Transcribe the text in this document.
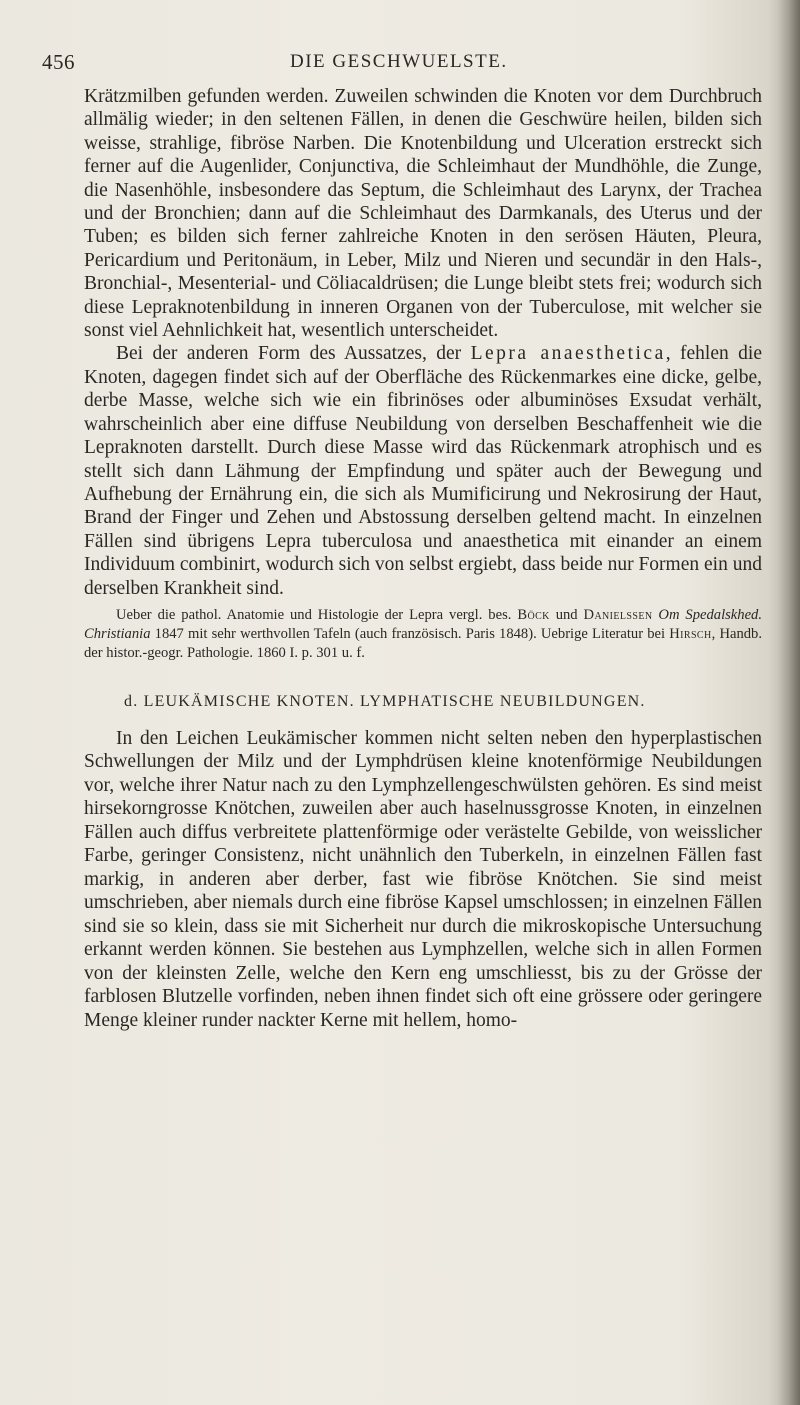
456	DIE GESCHWUELSTE.

Krätzmilben gefunden werden. Zuweilen schwinden die Knoten vor dem Durchbruch allmälig wieder; in den seltenen Fällen, in denen die Geschwüre heilen, bilden sich weisse, strahlige, fibröse Narben. Die Knotenbildung und Ulceration erstreckt sich ferner auf die Augenlider, Conjunctiva, die Schleimhaut der Mundhöhle, die Zunge, die Nasenhöhle, insbesondere das Septum, die Schleimhaut des Larynx, der Trachea und der Bronchien; dann auf die Schleimhaut des Darmkanals, des Uterus und der Tuben; es bilden sich ferner zahlreiche Knoten in den serösen Häuten, Pleura, Pericardium und Peritonäum, in Leber, Milz und Nieren und secundär in den Hals-, Bronchial-, Mesenterial- und Cöliacaldrüsen; die Lunge bleibt stets frei; wodurch sich diese Lepraknotenbildung in inneren Organen von der Tuberculose, mit welcher sie sonst viel Aehnlichkeit hat, wesentlich unterscheidet.

Bei der anderen Form des Aussatzes, der Lepra anaesthetica, fehlen die Knoten, dagegen findet sich auf der Oberfläche des Rückenmarkes eine dicke, gelbe, derbe Masse, welche sich wie ein fibrinöses oder albuminöses Exsudat verhält, wahrscheinlich aber eine diffuse Neubildung von derselben Beschaffenheit wie die Lepraknoten darstellt. Durch diese Masse wird das Rückenmark atrophisch und es stellt sich dann Lähmung der Empfindung und später auch der Bewegung und Aufhebung der Ernährung ein, die sich als Mumificirung und Nekrosirung der Haut, Brand der Finger und Zehen und Abstossung derselben geltend macht. In einzelnen Fällen sind übrigens Lepra tuberculosa und anaesthetica mit einander an einem Individuum combinirt, wodurch sich von selbst ergiebt, dass beide nur Formen ein und derselben Krankheit sind.

Ueber die pathol. Anatomie und Histologie der Lepra vergl. bes. Böck und Danielssen Om Spedalskhed. Christiania 1847 mit sehr werthvollen Tafeln (auch französisch. Paris 1848). Uebrige Literatur bei Hirsch, Handb. der histor.-geogr. Pathologie. 1860 I. p. 301 u. f.

d. LEUKÄMISCHE KNOTEN. LYMPHATISCHE NEUBILDUNGEN.

In den Leichen Leukämischer kommen nicht selten neben den hyperplastischen Schwellungen der Milz und der Lymphdrüsen kleine knotenförmige Neubildungen vor, welche ihrer Natur nach zu den Lymphzellengeschwülsten gehören. Es sind meist hirsekorngrosse Knötchen, zuweilen aber auch haselnussgrosse Knoten, in einzelnen Fällen auch diffus verbreitete plattenförmige oder verästelte Gebilde, von weisslicher Farbe, geringer Consistenz, nicht unähnlich den Tuberkeln, in einzelnen Fällen fast markig, in anderen aber derber, fast wie fibröse Knötchen. Sie sind meist umschrieben, aber niemals durch eine fibröse Kapsel umschlossen; in einzelnen Fällen sind sie so klein, dass sie mit Sicherheit nur durch die mikroskopische Untersuchung erkannt werden können. Sie bestehen aus Lymphzellen, welche sich in allen Formen von der kleinsten Zelle, welche den Kern eng umschliesst, bis zu der Grösse der farblosen Blutzelle vorfinden, neben ihnen findet sich oft eine grössere oder geringere Menge kleiner runder nackter Kerne mit hellem, homo-
